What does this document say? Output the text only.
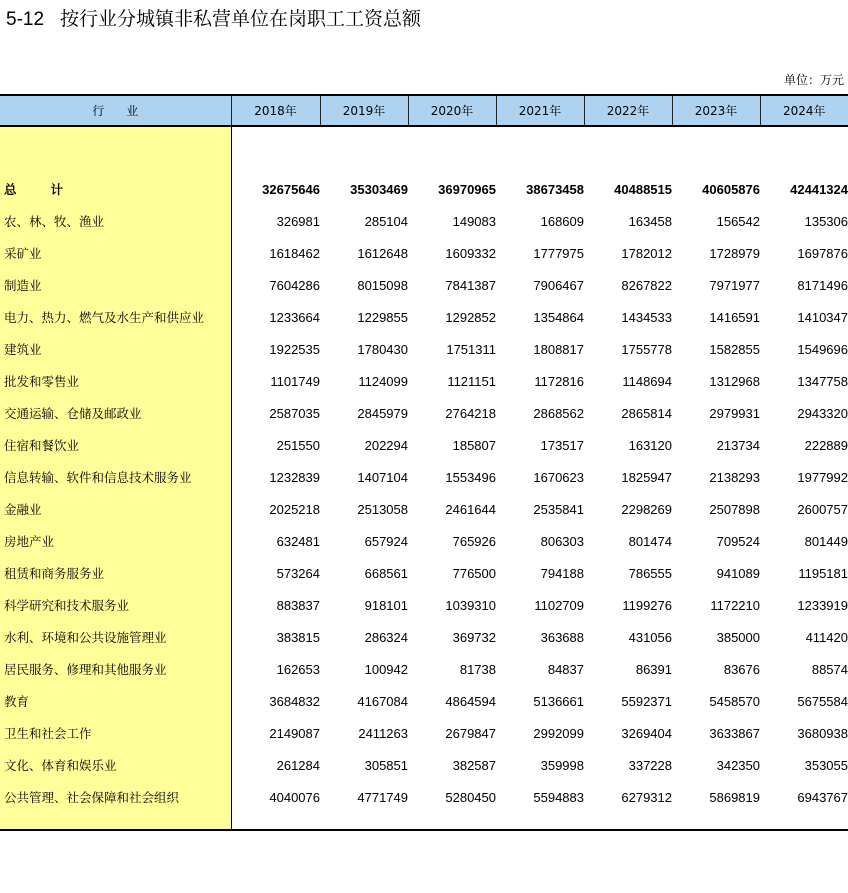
5-12 按行业分城镇非私营单位在岗职工工资总额
单位：万元
行业	2018年	2019年	2020年	2021年	2022年	2023年	2024年

总 计	32675646	35303469	36970965	38673458	40488515	40605876	42441324
农、林、牧、渔业	326981	285104	149083	168609	163458	156542	135306
采矿业	1618462	1612648	1609332	1777975	1782012	1728979	1697876
制造业	7604286	8015098	7841387	7906467	8267822	7971977	8171496
电力、热力、燃气及水生产和供应业	1233664	1229855	1292852	1354864	1434533	1416591	1410347
建筑业	1922535	1780430	1751311	1808817	1755778	1582855	1549696
批发和零售业	1101749	1124099	1121151	1172816	1148694	1312968	1347758
交通运输、仓储及邮政业	2587035	2845979	2764218	2868562	2865814	2979931	2943320
住宿和餐饮业	251550	202294	185807	173517	163120	213734	222889
信息转输、软件和信息技术服务业	1232839	1407104	1553496	1670623	1825947	2138293	1977992
金融业	2025218	2513058	2461644	2535841	2298269	2507898	2600757
房地产业	632481	657924	765926	806303	801474	709524	801449
租赁和商务服务业	573264	668561	776500	794188	786555	941089	1195181
科学研究和技术服务业	883837	918101	1039310	1102709	1199276	1172210	1233919
水利、环境和公共设施管理业	383815	286324	369732	363688	431056	385000	411420
居民服务、修理和其他服务业	162653	100942	81738	84837	86391	83676	88574
教育	3684832	4167084	4864594	5136661	5592371	5458570	5675584
卫生和社会工作	2149087	2411263	2679847	2992099	3269404	3633867	3680938
文化、体育和娱乐业	261284	305851	382587	359998	337228	342350	353055
公共管理、社会保障和社会组织	4040076	4771749	5280450	5594883	6279312	5869819	6943767
